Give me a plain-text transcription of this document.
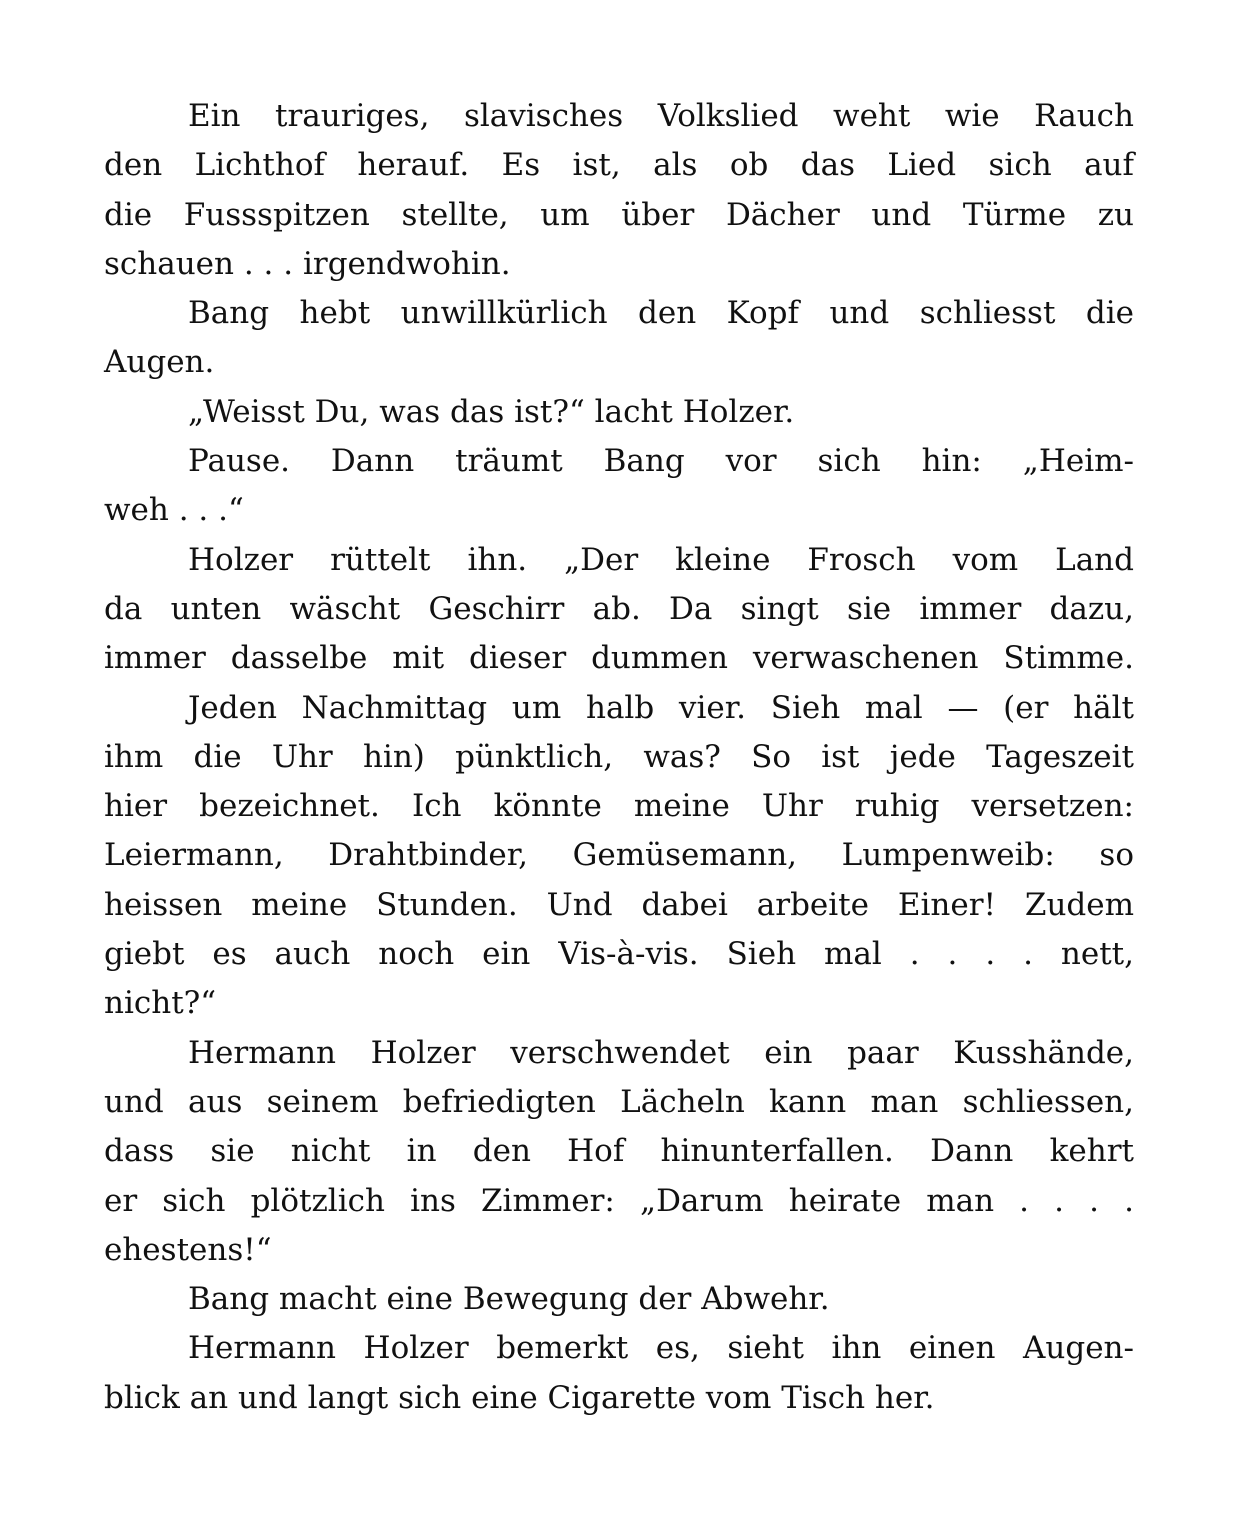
Ein trauriges, slavisches Volkslied weht wie Rauch
den Lichthof herauf. Es ist, als ob das Lied sich auf
die Fussspitzen stellte, um über Dächer und Türme zu
schauen . . . irgendwohin.

Bang hebt unwillkürlich den Kopf und schliesst die
Augen.

„Weisst Du, was das ist?“ lacht Holzer.

Pause. Dann träumt Bang vor sich hin: „Heim-
weh . . .“

Holzer rüttelt ihn. „Der kleine Frosch vom Land
da unten wäscht Geschirr ab. Da singt sie immer dazu,
immer dasselbe mit dieser dummen verwaschenen Stimme.

Jeden Nachmittag um halb vier. Sieh mal — (er hält
ihm die Uhr hin) pünktlich, was? So ist jede Tageszeit
hier bezeichnet. Ich könnte meine Uhr ruhig versetzen:
Leiermann, Drahtbinder, Gemüsemann, Lumpenweib: so
heissen meine Stunden. Und dabei arbeite Einer! Zudem
giebt es auch noch ein Vis-à-vis. Sieh mal . . . . nett,
nicht?“

Hermann Holzer verschwendet ein paar Kusshände,
und aus seinem befriedigten Lächeln kann man schliessen,
dass sie nicht in den Hof hinunterfallen. Dann kehrt
er sich plötzlich ins Zimmer: „Darum heirate man . . . .
ehestens!“

Bang macht eine Bewegung der Abwehr.

Hermann Holzer bemerkt es, sieht ihn einen Augen-
blick an und langt sich eine Cigarette vom Tisch her.
